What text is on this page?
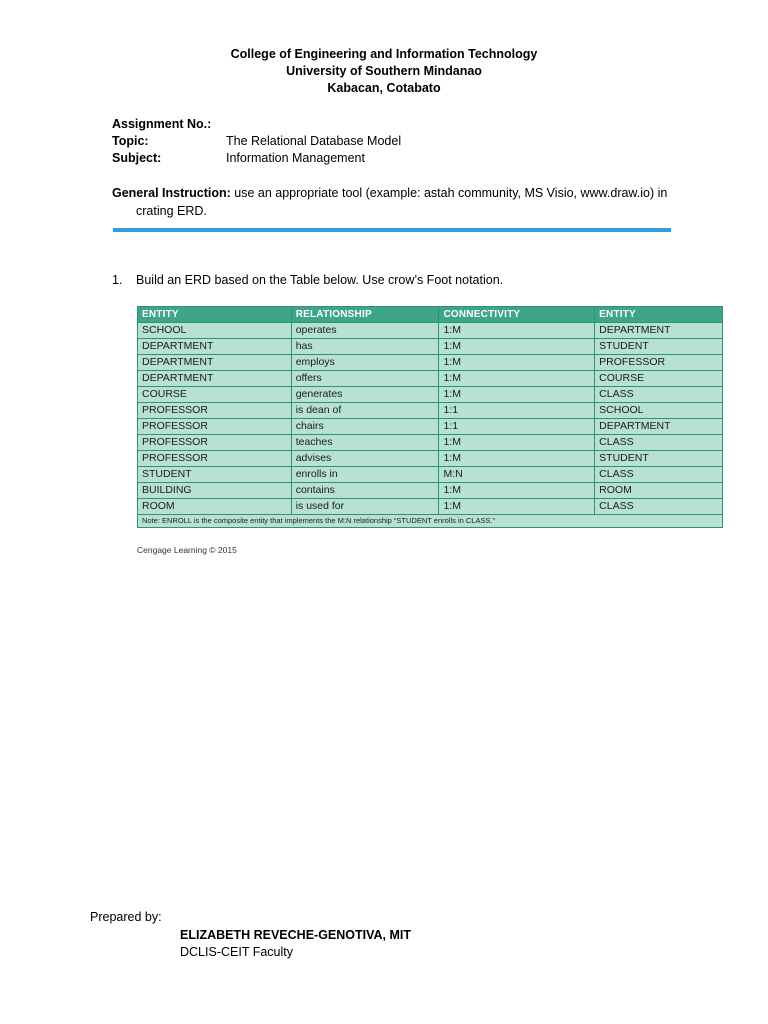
College of Engineering and Information Technology
University of Southern Mindanao
Kabacan, Cotabato
Assignment No.:
Topic:	The Relational Database Model
Subject:	Information Management
General Instruction: use an appropriate tool (example: astah community, MS Visio, www.draw.io) in
crating ERD.
1. Build an ERD based on the Table below. Use crow’s Foot notation.
ENTITY	RELATIONSHIP	CONNECTIVITY	ENTITY
SCHOOL	operates	1:M	DEPARTMENT
DEPARTMENT	has	1:M	STUDENT
DEPARTMENT	employs	1:M	PROFESSOR
DEPARTMENT	offers	1:M	COURSE
COURSE	generates	1:M	CLASS
PROFESSOR	is dean of	1:1	SCHOOL
PROFESSOR	chairs	1:1	DEPARTMENT
PROFESSOR	teaches	1:M	CLASS
PROFESSOR	advises	1:M	STUDENT
STUDENT	enrolls in	M:N	CLASS
BUILDING	contains	1:M	ROOM
ROOM	is used for	1:M	CLASS
Note: ENROLL is the composite entity that implements the M:N relationship “STUDENT enrolls in CLASS.”			
Cengage Learning © 2015
Prepared by:
ELIZABETH REVECHE-GENOTIVA, MIT
DCLIS-CEIT Faculty
